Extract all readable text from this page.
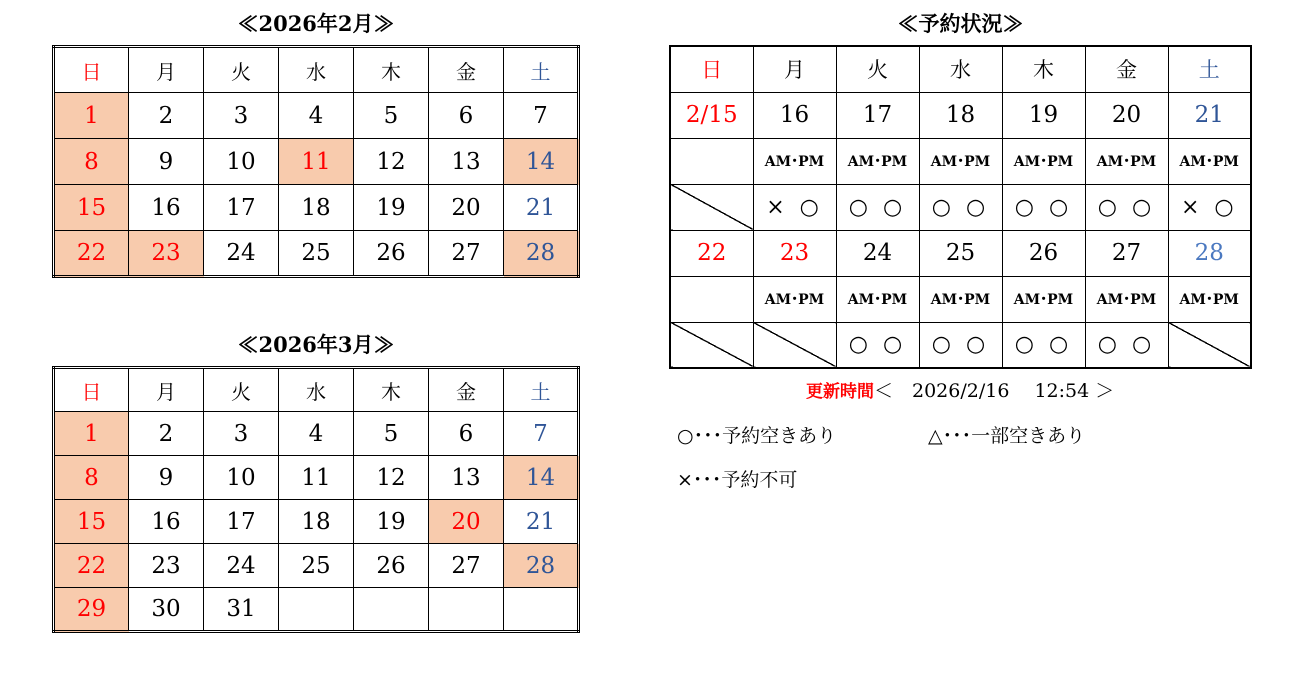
≪2026年2月≫
日	月	火	水	木	金	土
1	2	3	4	5	6	7
8	9	10	11	12	13	14
15	16	17	18	19	20	21
22	23	24	25	26	27	28
≪2026年3月≫
日	月	火	水	木	金	土
1	2	3	4	5	6	7
8	9	10	11	12	13	14
15	16	17	18	19	20	21
22	23	24	25	26	27	28
29	30	31				
≪予約状況≫
日	月	火	水	木	金	土
2/15	16	17	18	19	20	21
	AM･PM	AM･PM	AM･PM	AM･PM	AM･PM	AM･PM
	× ○	○ ○	○ ○	○ ○	○ ○	× ○
22	23	24	25	26	27	28
	AM･PM	AM･PM	AM･PM	AM･PM	AM･PM	AM･PM
		○ ○	○ ○	○ ○	○ ○	
更新時間＜　2026/2/16　 12:54 ＞
○･･･予約空きあり	△･･･一部空きあり
×･･･予約不可
